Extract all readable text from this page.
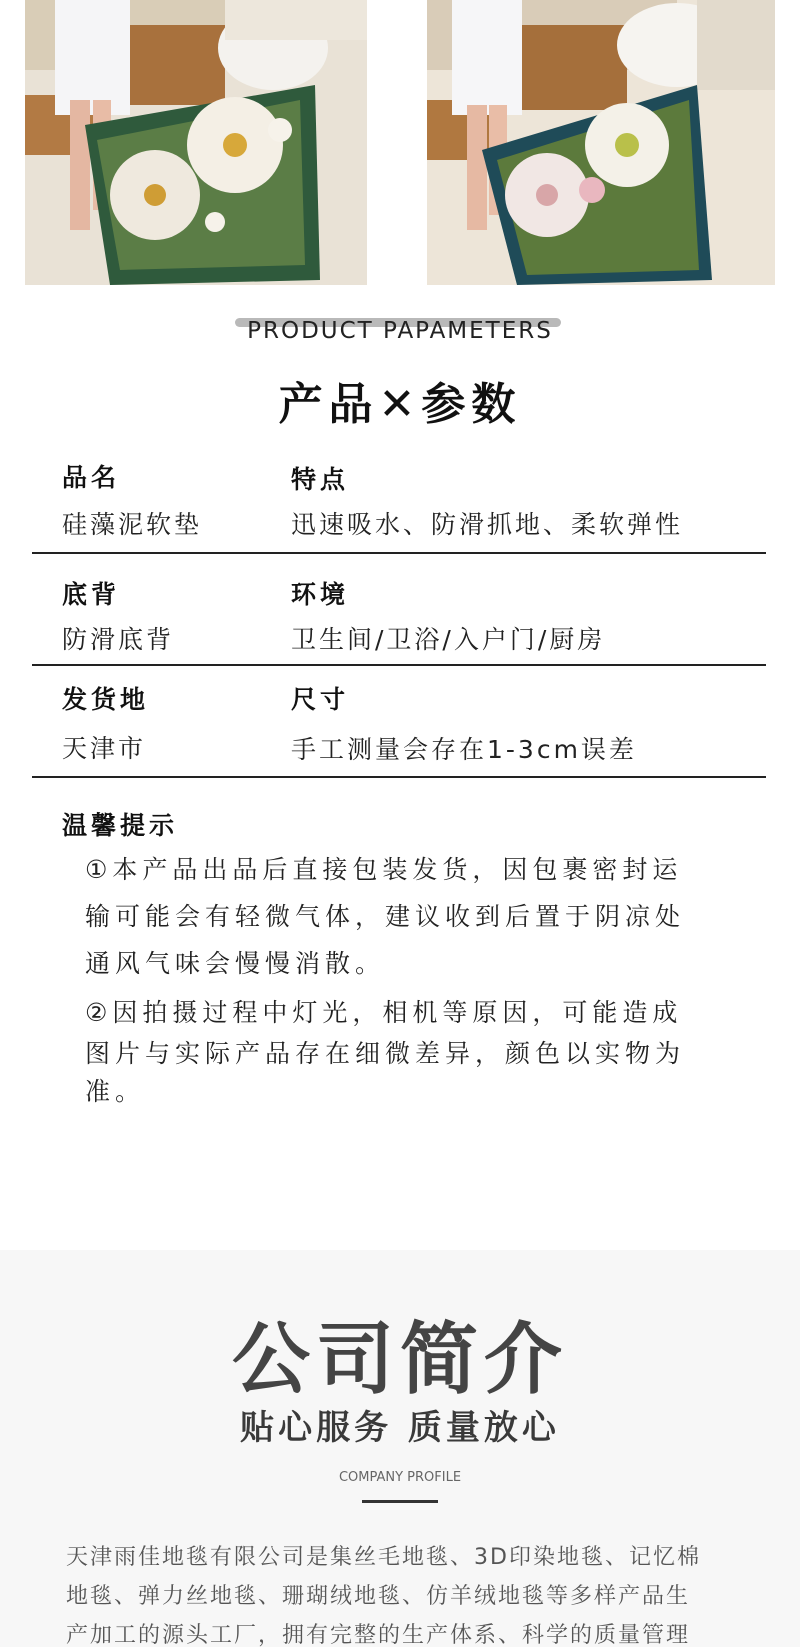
PRODUCT PAPAMETERS
产品✕参数
品名
硅藻泥软垫
特点
迅速吸水、防滑抓地、柔软弹性
底背
防滑底背
环境
卫生间/卫浴/入户门/厨房
发货地
天津市
尺寸
手工测量会存在1-3cm误差
温馨提示
①本产品出品后直接包装发货，因包裹密封运
输可能会有轻微气体，建议收到后置于阴凉处
通风气味会慢慢消散。
②因拍摄过程中灯光，相机等原因，可能造成
图片与实际产品存在细微差异，颜色以实物为
准。
公司简介
贴心服务 质量放心
COMPANY PROFILE
天津雨佳地毯有限公司是集丝毛地毯、3D印染地毯、记忆棉
地毯、弹力丝地毯、珊瑚绒地毯、仿羊绒地毯等多样产品生
产加工的源头工厂，拥有完整的生产体系、科学的质量管理
